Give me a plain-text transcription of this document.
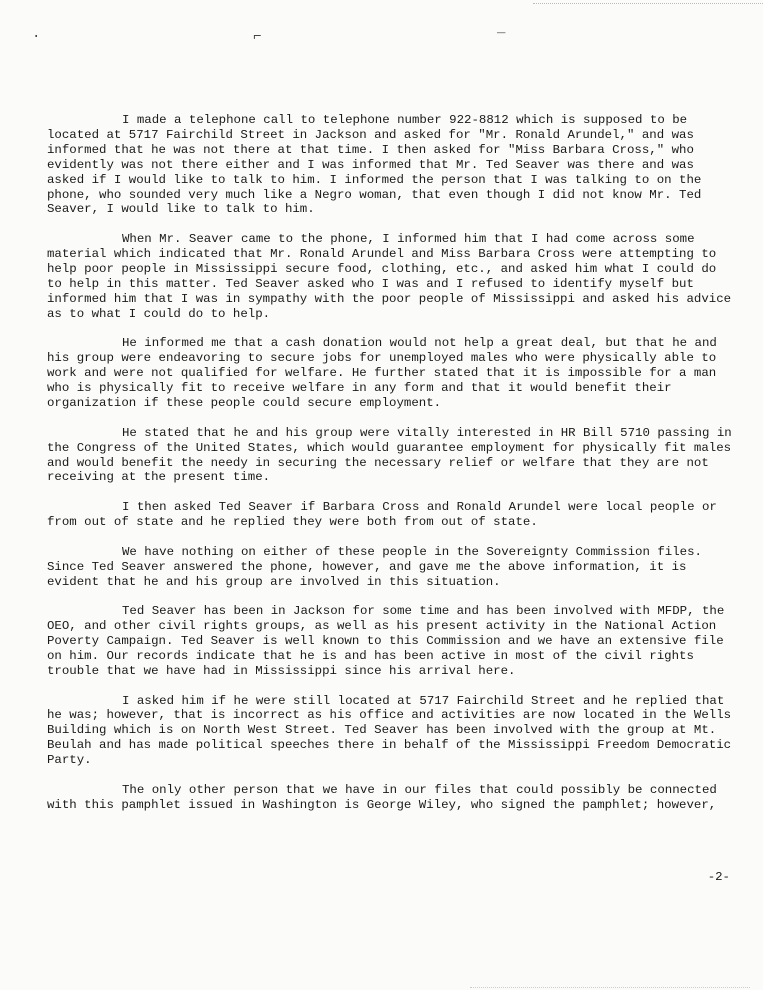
·	⌐	‾

I made a telephone call to telephone number 922-8812 which is supposed to be located at 5717 Fairchild Street in Jackson and asked for "Mr. Ronald Arundel," and was informed that he was not there at that time. I then asked for "Miss Barbara Cross," who evidently was not there either and I was informed that Mr. Ted Seaver was there and was asked if I would like to talk to him. I informed the person that I was talking to on the phone, who sounded very much like a Negro woman, that even though I did not know Mr. Ted Seaver, I would like to talk to him.

When Mr. Seaver came to the phone, I informed him that I had come across some material which indicated that Mr. Ronald Arundel and Miss Barbara Cross were attempting to help poor people in Mississippi secure food, clothing, etc., and asked him what I could do to help in this matter. Ted Seaver asked who I was and I refused to identify myself but informed him that I was in sympathy with the poor people of Mississippi and asked his advice as to what I could do to help.

He informed me that a cash donation would not help a great deal, but that he and his group were endeavoring to secure jobs for unemployed males who were physically able to work and were not qualified for welfare. He further stated that it is impossible for a man who is physically fit to receive welfare in any form and that it would benefit their organization if these people could secure employment.

He stated that he and his group were vitally interested in HR Bill 5710 passing in the Congress of the United States, which would guarantee employment for physically fit males and would benefit the needy in securing the necessary relief or welfare that they are not receiving at the present time.

I then asked Ted Seaver if Barbara Cross and Ronald Arundel were local people or from out of state and he replied they were both from out of state.

We have nothing on either of these people in the Sovereignty Commission files. Since Ted Seaver answered the phone, however, and gave me the above information, it is evident that he and his group are involved in this situation.

Ted Seaver has been in Jackson for some time and has been involved with MFDP, the OEO, and other civil rights groups, as well as his present activity in the National Action Poverty Campaign. Ted Seaver is well known to this Commission and we have an extensive file on him. Our records indicate that he is and has been active in most of the civil rights trouble that we have had in Mississippi since his arrival here.

I asked him if he were still located at 5717 Fairchild Street and he replied that he was; however, that is incorrect as his office and activities are now located in the Wells Building which is on North West Street. Ted Seaver has been involved with the group at Mt. Beulah and has made political speeches there in behalf of the Mississippi Freedom Democratic Party.

The only other person that we have in our files that could possibly be connected with this pamphlet issued in Washington is George Wiley, who signed the pamphlet; however,

-2-
